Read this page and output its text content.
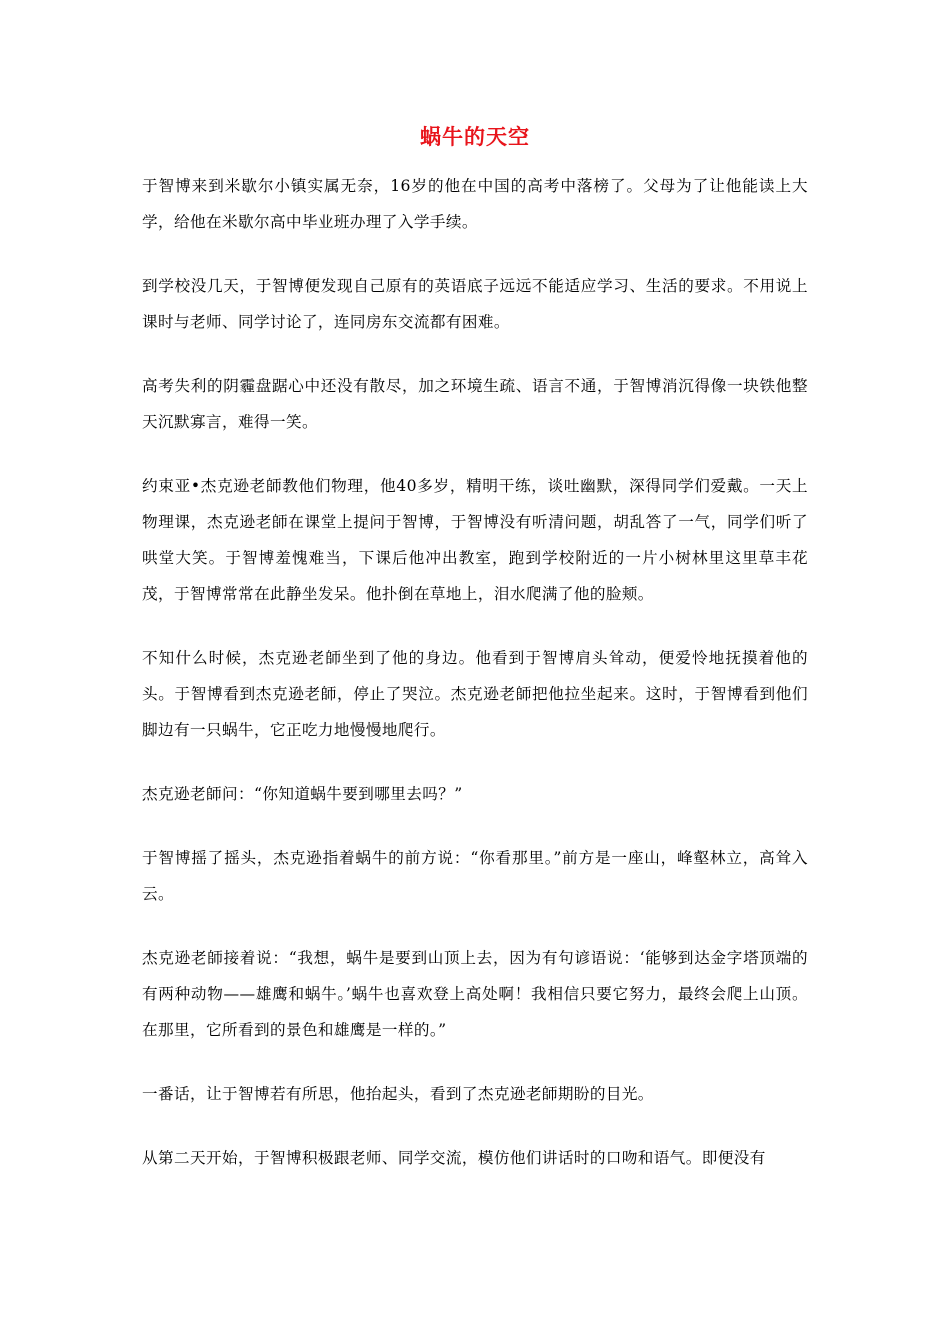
蜗牛的天空

于智博来到米歇尔小镇实属无奈，16岁的他在中国的高考中落榜了。父母为了让他能读上大学，给他在米歇尔高中毕业班办理了入学手续。

到学校没几天，于智博便发现自己原有的英语底子远远不能适应学习、生活的要求。不用说上课时与老师、同学讨论了，连同房东交流都有困难。

高考失利的阴霾盘踞心中还没有散尽，加之环境生疏、语言不通，于智博消沉得像一块铁他整天沉默寡言，难得一笑。

约束亚•杰克逊老師教他们物理，他40多岁，精明干练，谈吐幽默，深得同学们爱戴。一天上物理课，杰克逊老師在课堂上提问于智博，于智博没有听清问题，胡乱答了一气，同学们听了哄堂大笑。于智博羞愧难当，下课后他冲出教室，跑到学校附近的一片小树林里这里草丰花茂，于智博常常在此静坐发呆。他扑倒在草地上，泪水爬满了他的脸颊。

不知什么时候，杰克逊老師坐到了他的身边。他看到于智博肩头耸动，便爱怜地抚摸着他的头。于智博看到杰克逊老師，停止了哭泣。杰克逊老師把他拉坐起来。这时，于智博看到他们脚边有一只蜗牛，它正吃力地慢慢地爬行。

杰克逊老師问：“你知道蜗牛要到哪里去吗？”

于智博摇了摇头，杰克逊指着蜗牛的前方说：“你看那里。”前方是一座山，峰壑林立，高耸入云。

杰克逊老師接着说：“我想，蜗牛是要到山顶上去，因为有句谚语说：‘能够到达金字塔顶端的有两种动物——雄鹰和蜗牛。’蜗牛也喜欢登上高处啊！我相信只要它努力，最终会爬上山顶。在那里，它所看到的景色和雄鹰是一样的。”

一番话，让于智博若有所思，他抬起头，看到了杰克逊老師期盼的目光。

从第二天开始，于智博积极跟老师、同学交流，模仿他们讲话时的口吻和语气。即便没有
